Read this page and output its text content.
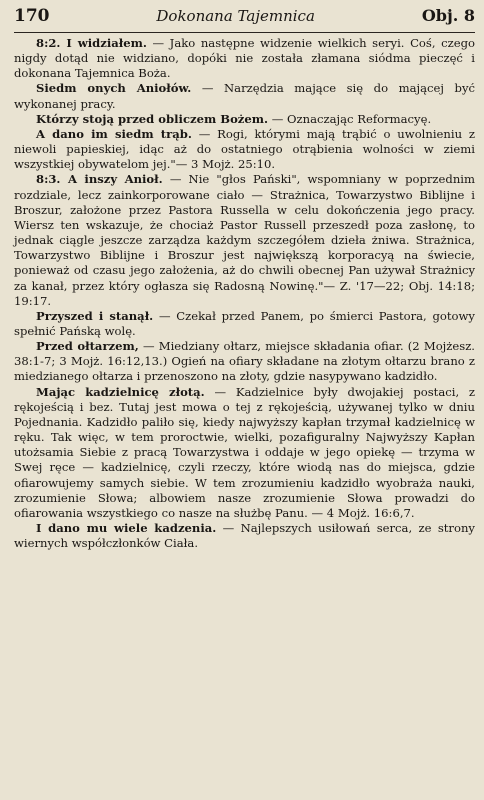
170	Dokonana Tajemnica	Obj. 8

8:2. I widziałem. — Jako następne widzenie wielkich seryi. Coś, czego nigdy dotąd nie widziano, dopóki nie została złamana siódma pieczęć i dokonana Tajemnica Boża.

Siedm onych Aniołów. — Narzędzia mające się do mającej być wykonanej pracy.

Którzy stoją przed obliczem Bożem. — Oznaczając Reformacyę.

A dano im siedm trąb. — Rogi, którymi mają trąbić o uwolnieniu z niewoli papieskiej, idąc aż do ostatniego otrąbienia wolności w ziemi wszystkiej obywatelom jej."— 3 Mojż. 25:10.

8:3. A inszy Anioł. — Nie "głos Pański", wspomniany w poprzednim rozdziale, lecz zainkorporowane ciało — Strażnica, Towarzystwo Biblijne i Broszur, założone przez Pastora Russella w celu dokończenia jego pracy. Wiersz ten wskazuje, że chociaż Pastor Russell przeszedł poza zasłonę, to jednak ciągle jeszcze zarządza każdym szczegółem dzieła żniwa. Strażnica, Towarzystwo Biblijne i Broszur jest największą korporacyą na świecie, ponieważ od czasu jego założenia, aż do chwili obecnej Pan używał Strażnicy za kanał, przez który ogłasza się Radosną Nowinę."— Z. '17—22; Obj. 14:18; 19:17.

Przyszed i stanął. — Czekał przed Panem, po śmierci Pastora, gotowy spełnić Pańską wolę.

Przed ołtarzem, — Miedziany ołtarz, miejsce składania ofiar. (2 Mojżesz. 38:1-7; 3 Mojż. 16:12,13.) Ogień na ofiary składane na złotym ołtarzu brano z miedzianego ołtarza i przenoszono na złoty, gdzie nasypywano kadzidło.

Mając kadzielnicę złotą. — Kadzielnice były dwojakiej postaci, z rękojeścią i bez. Tutaj jest mowa o tej z rękojeścią, używanej tylko w dniu Pojednania. Kadzidło paliło się, kiedy najwyższy kapłan trzymał kadzielnicę w ręku. Tak więc, w tem proroctwie, wielki, pozafiguralny Najwyższy Kapłan utożsamia Siebie z pracą Towarzystwa i oddaje w jego opiekę — trzyma w Swej ręce — kadzielnicę, czyli rzeczy, które wiodą nas do miejsca, gdzie ofiarowujemy samych siebie. W tem zrozumieniu kadzidło wyobraża nauki, zrozumienie Słowa; albowiem nasze zrozumienie Słowa prowadzi do ofiarowania wszystkiego co nasze na służbę Panu. — 4 Mojż. 16:6,7.

I dano mu wiele kadzenia. — Najlepszych usiłowań serca, ze strony wiernych współczłonków Ciała.
